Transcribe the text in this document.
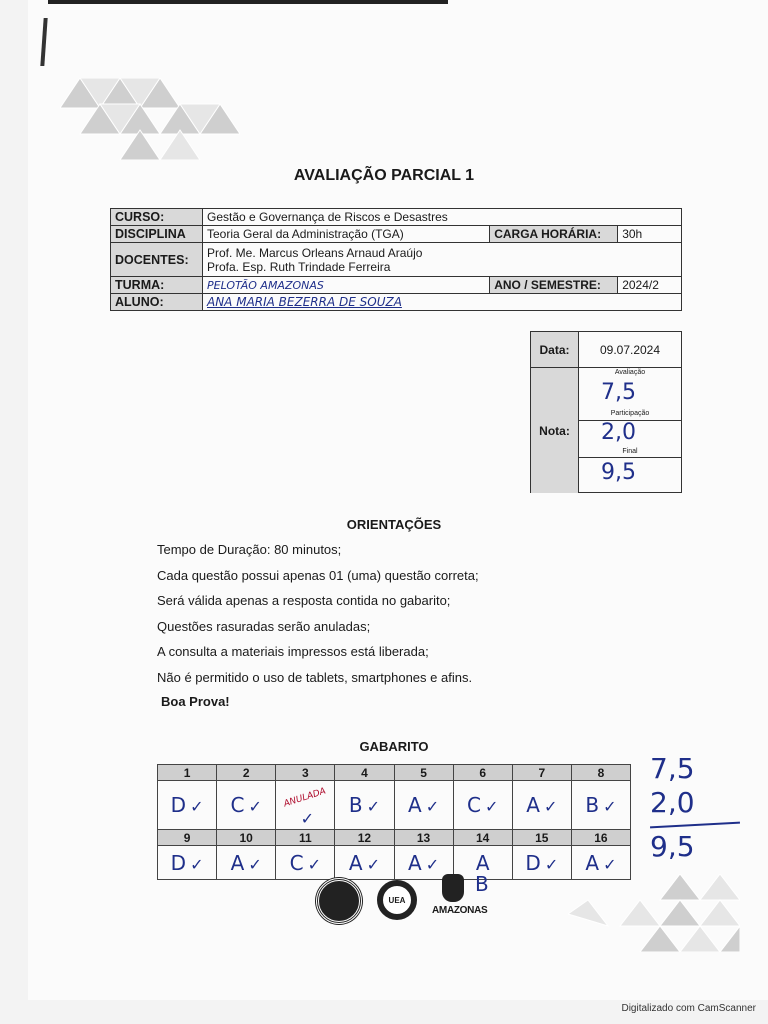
AVALIAÇÃO PARCIAL 1
CURSO:	Gestão e Governança de Riscos e Desastres		
DISCIPLINA	Teoria Geral da Administração (TGA)	CARGA HORÁRIA:	30h
DOCENTES:	Prof. Me. Marcus Orleans Arnaud Araújo
Profa. Esp. Ruth Trindade Ferreira		

TURMA:	PELOTÃO AMAZONAS	ANO / SEMESTRE:	2024/2
ALUNO:	ANA MARIA BEZERRA DE SOUZA		
Data:	09.07.2024
Nota:
Avaliação
7,5
Participação
2,0
Final
9,5
ORIENTAÇÕES
Tempo de Duração: 80 minutos;
Cada questão possui apenas 01 (uma) questão correta;
Será válida apenas a resposta contida no gabarito;
Questões rasuradas serão anuladas;
A consulta a materiais impressos está liberada;
Não é permitido o uso de tablets, smartphones e afins.
Boa Prova!
GABARITO
1	2	3	4	5	6	7	8
D ✓	C ✓	ANULADA✓	B ✓	A ✓	C ✓	A ✓	B ✓
9	10	11	12	13	14	15	16
D ✓	A ✓	C ✓	A ✓	A ✓	A	D ✓	A ✓
7,5
2,0
9,5
UEA
AMAZONAS
B
Digitalizado com CamScanner
